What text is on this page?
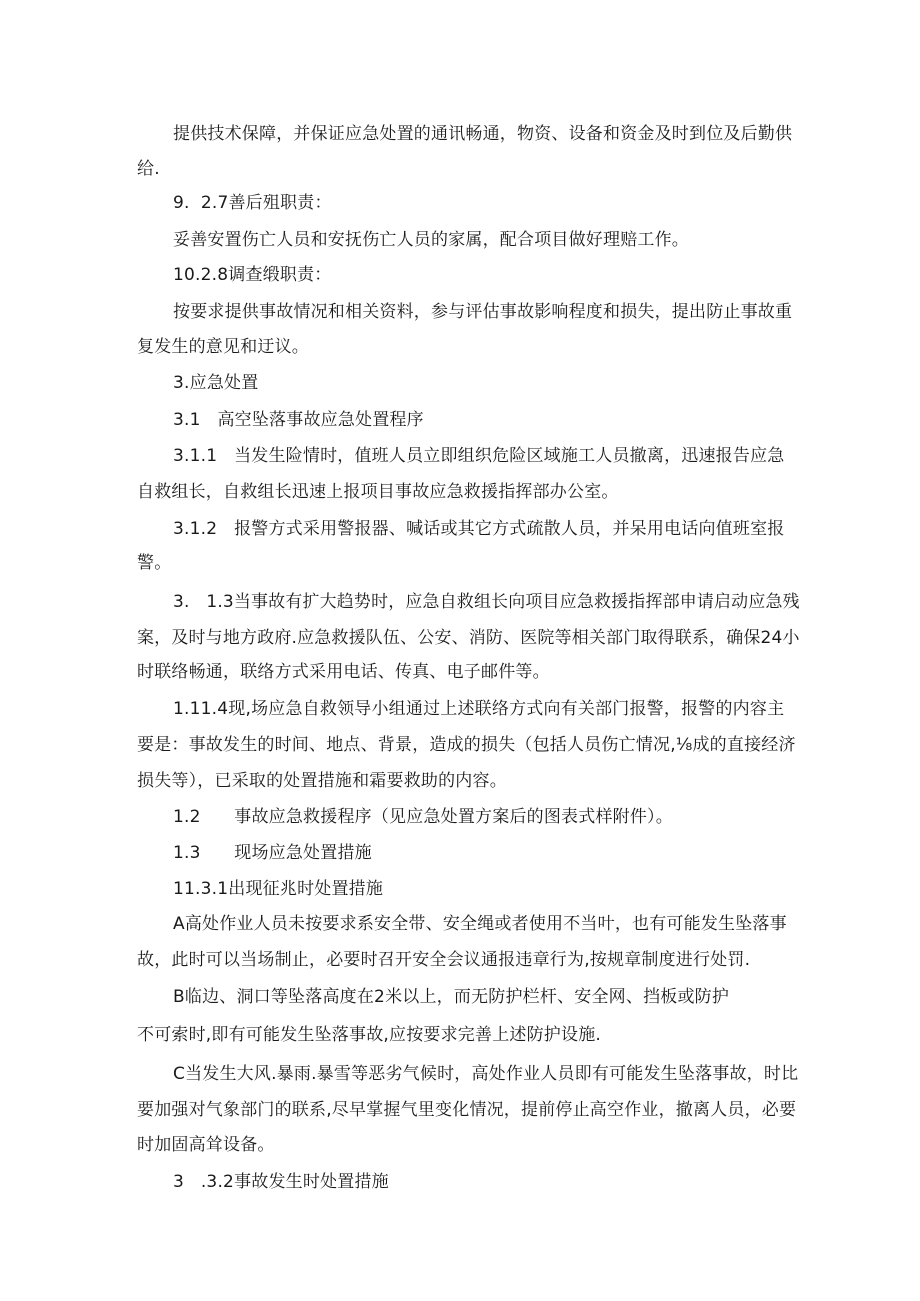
提供技术保障，并保证应急处置的通讯畅通，物资、设备和资金及时到位及后勤供
给.
9.  2.7善后殂职责：
妥善安置伤亡人员和安抚伤亡人员的家属，配合项目做好理赔工作。
10.2.8调查缎职责：
按要求提供事故情况和相关资料，参与评估事故影响程度和损失，提出防止事故重
复发生的意见和迂议。
3.应急处置
3.1   高空坠落事故应急处置程序
3.1.1   当发生险情时，值班人员立即组织危险区域施工人员撤离，迅速报告应急
自救组长，自救组长迅速上报项目事故应急救援指挥部办公室。
3.1.2   报警方式采用警报器、喊话或其它方式疏散人员，并呆用电话向值班室报
警。
3.   1.3当事故有扩大趋势时，应急自救组长向项目应急救援指挥部申请启动应急残
案，及时与地方政府.应急救援队伍、公安、消防、医院等相关部门取得联系，确保24小
时联络畅通，联络方式采用电话、传真、电子邮件等。
1.11.4现,场应急自救领导小组通过上述联络方式向有关部门报警，报警的内容主
要是：事故发生的时间、地点、背景，造成的损失（包括人员伤亡情况,⅛成的直接经济
损失等），已采取的处置措施和霜要救助的内容。
1.2      事故应急救援程序（见应急处置方案后的图表式样附件）。
1.3      现场应急处置措施
11.3.1出现征兆时处置措施
A高处作业人员未按要求系安全带、安全绳或者使用不当叶，也有可能发生坠落事
故，此时可以当场制止，必要时召开安全会议通报违章行为,按规章制度进行处罚.
B临边、洞口等坠落高度在2米以上，而无防护栏杆、安全网、挡板或防护
不可索时,即有可能发生坠落事故,应按要求完善上述防护设施.
C当发生大风.暴雨.暴雪等恶劣气候时，高处作业人员即有可能发生坠落事故，时比
要加强对气象部门的联系,尽早掌握气里变化情况，提前停止高空作业，撤离人员，必要
时加固高耸设备。
3   .3.2事故发生时处置措施
